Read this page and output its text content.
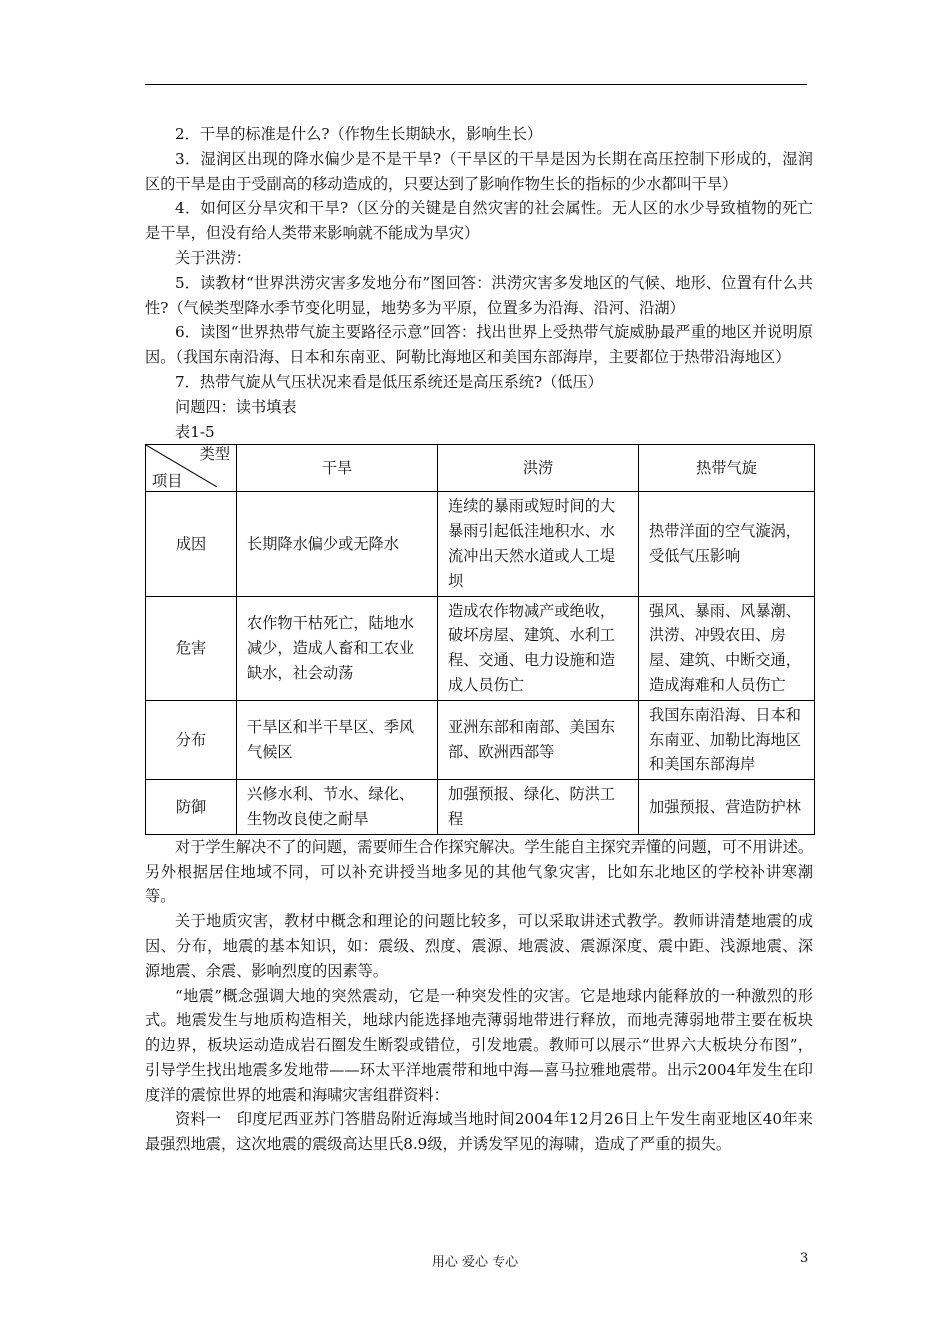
2．干旱的标准是什么?（作物生长期缺水，影响生长）

3．湿润区出现的降水偏少是不是干旱?（干旱区的干旱是因为长期在高压控制下形成的，湿润区的干旱是由于受副高的移动造成的，只要达到了影响作物生长的指标的少水都叫干旱）

4．如何区分旱灾和干旱?（区分的关键是自然灾害的社会属性。无人区的水少导致植物的死亡是干旱，但没有给人类带来影响就不能成为旱灾）

关于洪涝：

5．读教材“世界洪涝灾害多发地分布”图回答：洪涝灾害多发地区的气候、地形、位置有什么共性?（气候类型降水季节变化明显，地势多为平原，位置多为沿海、沿河、沿湖）

6．读图“世界热带气旋主要路径示意”回答：找出世界上受热带气旋威胁最严重的地区并说明原因。（我国东南沿海、日本和东南亚、阿勒比海地区和美国东部海岸，主要都位于热带沿海地区）

7．热带气旋从气压状况来看是低压系统还是高压系统?（低压）

问题四：读书填表

表1-5

类型
项目	干旱	洪涝	热带气旋
成因	长期降水偏少或无降水	连续的暴雨或短时间的大暴雨引起低洼地积水、水流冲出天然水道或人工堤坝	热带洋面的空气漩涡，受低气压影响
危害	农作物干枯死亡，陆地水减少，造成人畜和工农业缺水，社会动荡	造成农作物减产或绝收，破坏房屋、建筑、水利工程、交通、电力设施和造成人员伤亡	强风、暴雨、风暴潮、洪涝、冲毁农田、房屋、建筑、中断交通，造成海难和人员伤亡
分布	干旱区和半干旱区、季风气候区	亚洲东部和南部、美国东部、欧洲西部等	我国东南沿海、日本和东南亚、加勒比海地区和美国东部海岸
防御	兴修水利、节水、绿化、生物改良使之耐旱	加强预报、绿化、防洪工程	加强预报、营造防护林

对于学生解决不了的问题，需要师生合作探究解决。学生能自主探究弄懂的问题，可不用讲述。另外根据居住地域不同，可以补充讲授当地多见的其他气象灾害，比如东北地区的学校补讲寒潮等。

关于地质灾害，教材中概念和理论的问题比较多，可以采取讲述式教学。教师讲清楚地震的成因、分布，地震的基本知识，如：震级、烈度、震源、地震波、震源深度、震中距、浅源地震、深源地震、余震、影响烈度的因素等。

“地震”概念强调大地的突然震动，它是一种突发性的灾害。它是地球内能释放的一种激烈的形式。地震发生与地质构造相关，地球内能选择地壳薄弱地带进行释放，而地壳薄弱地带主要在板块的边界，板块运动造成岩石圈发生断裂或错位，引发地震。教师可以展示“世界六大板块分布图”，引导学生找出地震多发地带——环太平洋地震带和地中海—喜马拉雅地震带。出示2004年发生在印度洋的震惊世界的地震和海啸灾害组群资料：

资料一　印度尼西亚苏门答腊岛附近海域当地时间2004年12月26日上午发生南亚地区40年来最强烈地震，这次地震的震级高达里氏8.9级，并诱发罕见的海啸，造成了严重的损失。

用心 爱心 专心	3
